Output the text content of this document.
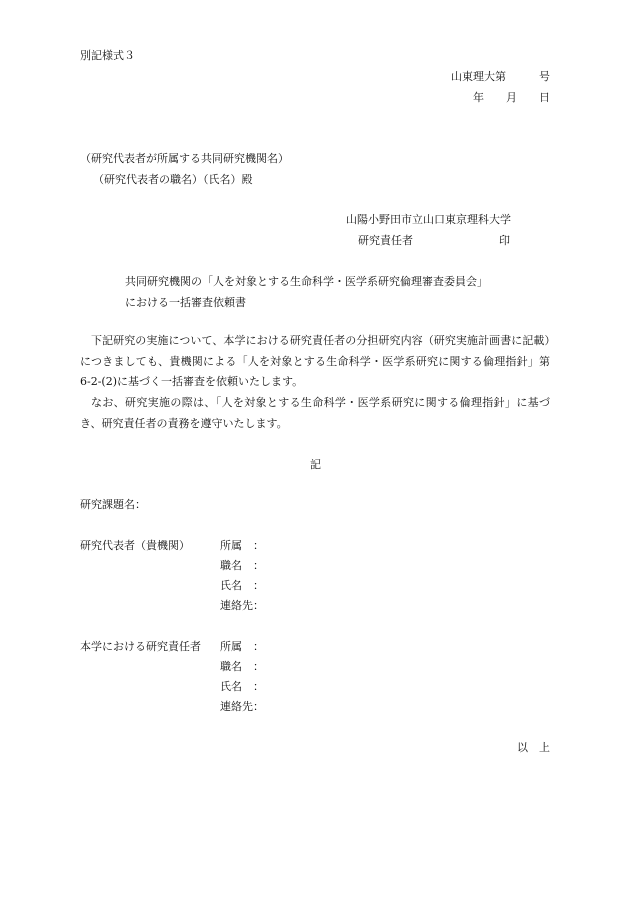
別記様式３
山東理大第　　　号
年　　月　　日
（研究代表者が所属する共同研究機関名）
（研究代表者の職名）（氏名）殿
山陽小野田市立山口東京理科大学
研究責任者	印
共同研究機関の「人を対象とする生命科学・医学系研究倫理審査委員会」
における一括審査依頼書
下記研究の実施について、本学における研究責任者の分担研究内容（研究実施計画書に記載）につきましても、貴機関による「人を対象とする生命科学・医学系研究に関する倫理指針」第6-2-(2)に基づく一括審査を依頼いたします。
なお、研究実施の際は、「人を対象とする生命科学・医学系研究に関する倫理指針」に基づき、研究責任者の責務を遵守いたします。
記
研究課題名：
研究代表者（貴機関）	所属　：
職名　：
氏名　：
連絡先：
本学における研究責任者 所属　：
職名　：
氏名　：
連絡先：
以　上
